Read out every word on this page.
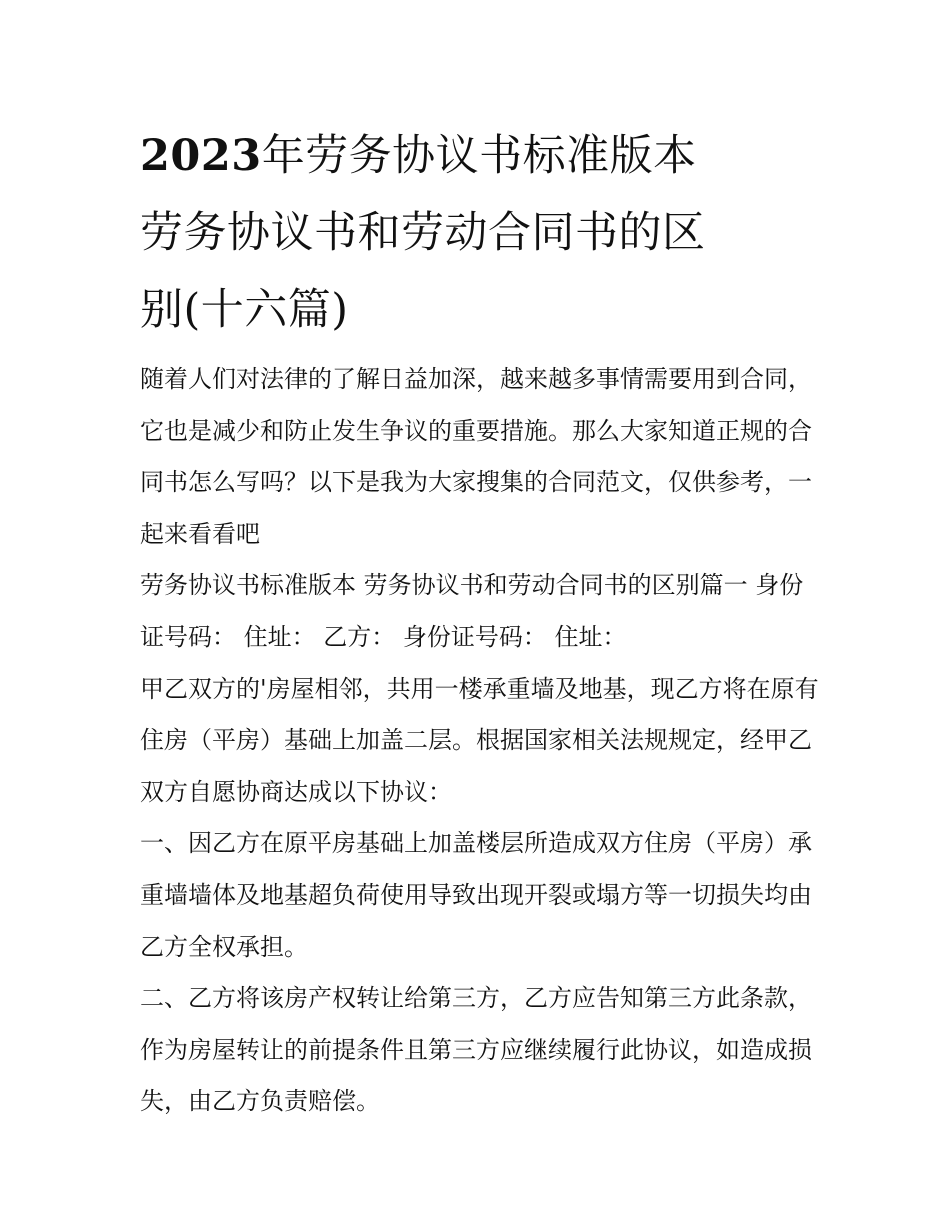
2023年劳务协议书标准版本
劳务协议书和劳动合同书的区
别(十六篇)

随着人们对法律的了解日益加深，越来越多事情需要用到合同，它也是减少和防止发生争议的重要措施。那么大家知道正规的合同书怎么写吗？以下是我为大家搜集的合同范文，仅供参考，一起来看看吧

劳务协议书标准版本 劳务协议书和劳动合同书的区别篇一 身份证号码： 住址： 乙方： 身份证号码： 住址：

甲乙双方的'房屋相邻，共用一楼承重墙及地基，现乙方将在原有住房（平房）基础上加盖二层。根据国家相关法规规定，经甲乙双方自愿协商达成以下协议：

一、因乙方在原平房基础上加盖楼层所造成双方住房（平房）承重墙墙体及地基超负荷使用导致出现开裂或塌方等一切损失均由乙方全权承担。

二、乙方将该房产权转让给第三方，乙方应告知第三方此条款，作为房屋转让的前提条件且第三方应继续履行此协议，如造成损失，由乙方负责赔偿。
